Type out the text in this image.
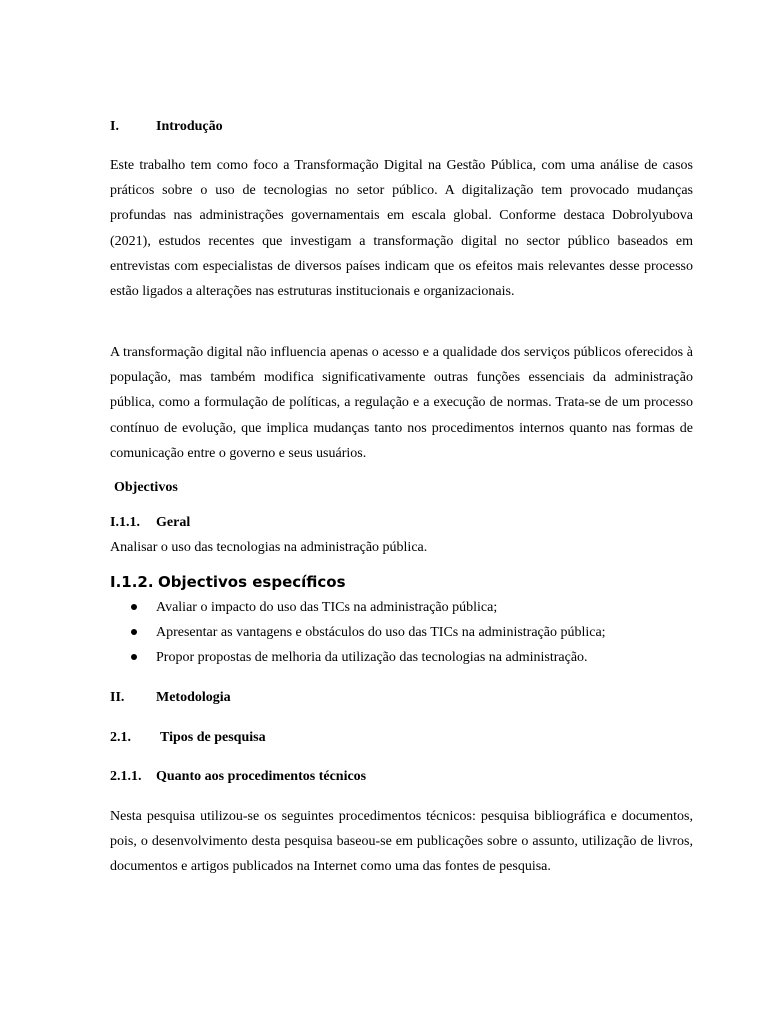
I.	Introdução

Este trabalho tem como foco a Transformação Digital na Gestão Pública, com uma análise de casos práticos sobre o uso de tecnologias no setor público. A digitalização tem provocado mudanças profundas nas administrações governamentais em escala global. Conforme destaca Dobrolyubova (2021), estudos recentes que investigam a transformação digital no sector público baseados em entrevistas com especialistas de diversos países indicam que os efeitos mais relevantes desse processo estão ligados a alterações nas estruturas institucionais e organizacionais.

A transformação digital não influencia apenas o acesso e a qualidade dos serviços públicos oferecidos à população, mas também modifica significativamente outras funções essenciais da administração pública, como a formulação de políticas, a regulação e a execução de normas. Trata-se de um processo contínuo de evolução, que implica mudanças tanto nos procedimentos internos quanto nas formas de comunicação entre o governo e seus usuários.

Objectivos
I.1.1. Geral
Analisar o uso das tecnologias na administração pública.
I.1.2. Objectivos específicos
Avaliar o impacto do uso das TICs na administração pública;
Apresentar as vantagens e obstáculos do uso das TICs na administração pública;
Propor propostas de melhoria da utilização das tecnologias na administração.
II. Metodologia
2.1. Tipos de pesquisa
2.1.1. Quanto aos procedimentos técnicos

Nesta pesquisa utilizou-se os seguintes procedimentos técnicos: pesquisa bibliográfica e documentos, pois, o desenvolvimento desta pesquisa baseou-se em publicações sobre o assunto, utilização de livros, documentos e artigos publicados na Internet como uma das fontes de pesquisa.
